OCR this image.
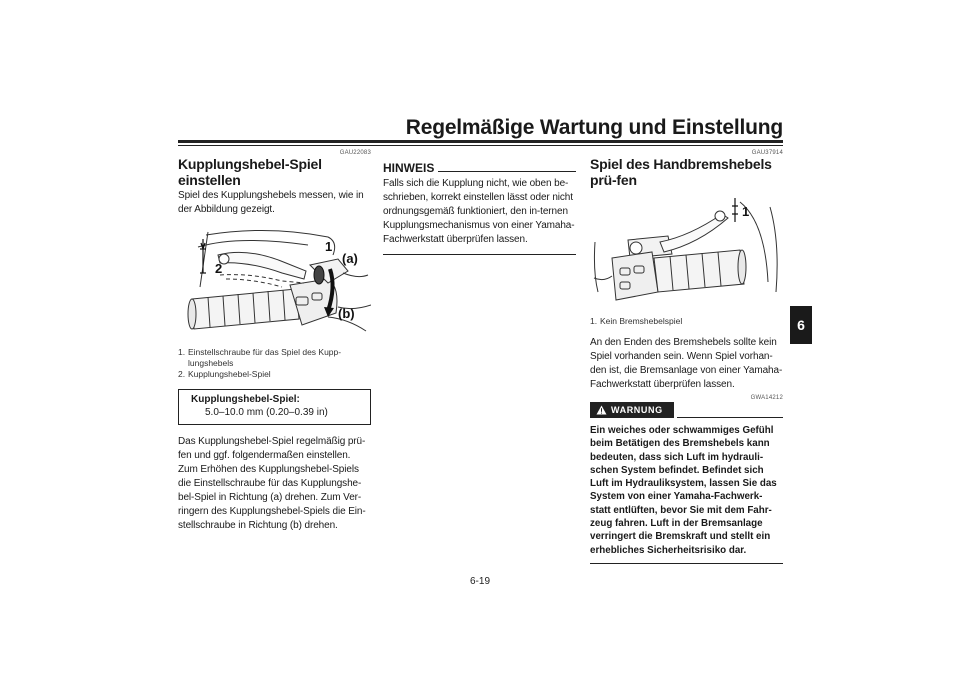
Regelmäßige Wartung und Einstellung
6
GAU22083
Kupplungshebel-Spiel einstellen

Spiel des Kupplungshebels messen, wie in der Abbildung gezeigt.

1
2
(a)
(b)
1. Einstellschraube für das Spiel des Kupp-lungshebels
2. Kupplungshebel-Spiel
Kupplungshebel-Spiel:
5.0–10.0 mm (0.20–0.39 in)

Das Kupplungshebel-Spiel regelmäßig prü-fen und ggf. folgendermaßen einstellen. Zum Erhöhen des Kupplungshebel-Spiels die Einstellschraube für das Kupplungshe-bel-Spiel in Richtung (a) drehen. Zum Ver-ringern des Kupplungshebel-Spiels die Ein-stellschraube in Richtung (b) drehen.

HINWEIS

Falls sich die Kupplung nicht, wie oben be-schrieben, korrekt einstellen lässt oder nicht ordnungsgemäß funktioniert, den in-ternen Kupplungsmechanismus von einer Yamaha-Fachwerkstatt überprüfen lassen.

GAU37914
Spiel des Handbremshebels prü-fen
1
1. Kein Bremshebelspiel

An den Enden des Bremshebels sollte kein Spiel vorhanden sein. Wenn Spiel vorhan-den ist, die Bremsanlage von einer Yamaha-Fachwerkstatt überprüfen lassen.

GWA14212
WARNUNG

Ein weiches oder schwammiges Gefühl beim Betätigen des Bremshebels kann bedeuten, dass sich Luft im hydrauli-schen System befindet. Befindet sich Luft im Hydrauliksystem, lassen Sie das System von einer Yamaha-Fachwerk-statt entlüften, bevor Sie mit dem Fahr-zeug fahren. Luft in der Bremsanlage verringert die Bremskraft und stellt ein erhebliches Sicherheitsrisiko dar.

6-19
